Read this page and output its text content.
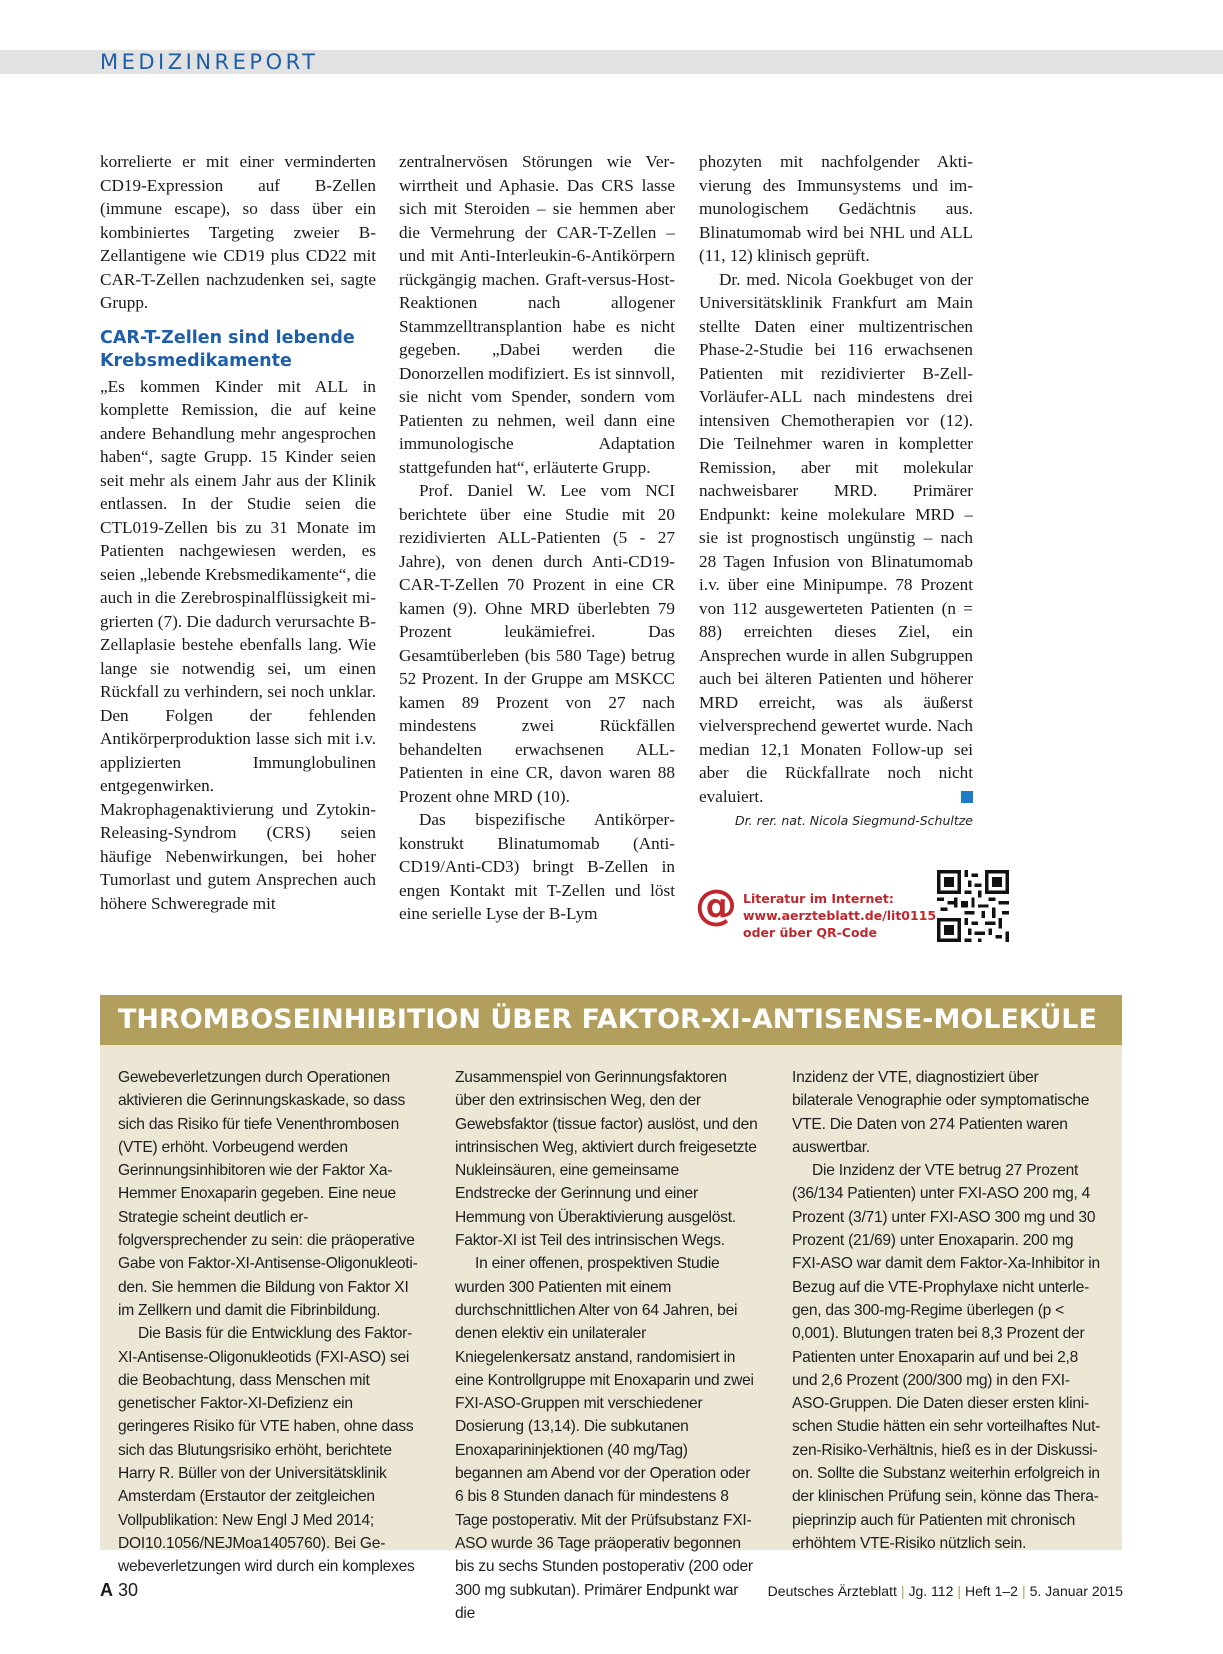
MEDIZINREPORT

korrelierte er mit einer verminderten CD19-Expression auf B-Zellen (immune escape), so dass über ein kombiniertes Targeting zweier B-Zellantigene wie CD19 plus CD22 mit CAR-T-Zellen nachzudenken sei, sagte Grupp.

CAR-T-Zellen sind lebende Krebsmedikamente

„Es kommen Kinder mit ALL in komplette Remission, die auf keine andere Behandlung mehr angesprochen haben“, sagte Grupp. 15 Kinder seien seit mehr als einem Jahr aus der Klinik entlassen. In der Studie seien die CTL019-Zellen bis zu 31 Monate im Patienten nachgewiesen werden, es seien „lebende Krebsmedikamente“, die auch in die Zerebrospinalflüssigkeit migrierten (7). Die dadurch verursachte B-Zellaplasie bestehe ebenfalls lang. Wie lange sie notwendig sei, um einen Rückfall zu verhindern, sei noch unklar. Den Folgen der fehlenden Antikörperproduktion lasse sich mit i.v. applizierten Immunglobulinen entgegenwirken. Makrophagenaktivierung und Zytokin-Releasing-Syndrom (CRS) seien häufige Nebenwirkungen, bei hoher Tumorlast und gutem Ansprechen auch höhere Schweregrade mit

zentralnervösen Störungen wie Verwirrtheit und Aphasie. Das CRS lasse sich mit Steroiden – sie hemmen aber die Vermehrung der CAR-T-Zellen – und mit Anti-Interleukin-6-Antikörpern rückgängig machen. Graft-versus-Host-Reaktionen nach allogener Stammzelltransplantion habe es nicht gegeben. „Dabei werden die Donorzellen modifiziert. Es ist sinnvoll, sie nicht vom Spender, sondern vom Patienten zu nehmen, weil dann eine immunologische Adaptation stattgefunden hat“, erläuterte Grupp.

Prof. Daniel W. Lee vom NCI berichtete über eine Studie mit 20 rezidivierten ALL-Patienten (5 - 27 Jahre), von denen durch Anti-CD19-CAR-T-Zellen 70 Prozent in eine CR kamen (9). Ohne MRD überlebten 79 Prozent leukämiefrei. Das Gesamtüberleben (bis 580 Tage) betrug 52 Prozent. In der Gruppe am MSKCC kamen 89 Prozent von 27 nach mindestens zwei Rückfällen behandelten erwachsenen ALL-Patienten in eine CR, davon waren 88 Prozent ohne MRD (10).

Das bispezifische Antikörperkonstrukt Blinatumomab (Anti-CD19/Anti-CD3) bringt B-Zellen in engen Kontakt mit T-Zellen und löst eine serielle Lyse der B-Lym

phozyten mit nachfolgender Aktivierung des Immunsystems und immunologischem Gedächtnis aus. Blinatumomab wird bei NHL und ALL (11, 12) klinisch geprüft.

Dr. med. Nicola Goekbuget von der Universitätsklinik Frankfurt am Main stellte Daten einer multizentrischen Phase-2-Studie bei 116 erwachsenen Patienten mit rezidivierter B-Zell-Vorläufer-ALL nach mindestens drei intensiven Chemotherapien vor (12). Die Teilnehmer waren in kompletter Remission, aber mit molekular nachweisbarer MRD. Primärer Endpunkt: keine molekulare MRD – sie ist prognostisch ungünstig – nach 28 Tagen Infusion von Blinatumomab i.v. über eine Minipumpe. 78 Prozent von 112 ausgewerteten Patienten (n = 88) erreichten dieses Ziel, ein Ansprechen wurde in allen Subgruppen auch bei älteren Patienten und höherer MRD erreicht, was als äußerst vielversprechend gewertet wurde. Nach median 12,1 Monaten Follow-up sei aber die Rückfallrate noch nicht evaluiert.

Dr. rer. nat. Nicola Siegmund-Schultze
@ Literatur im Internet:
www.aerzteblatt.de/lit0115
oder über QR-Code
THROMBOSEINHIBITION ÜBER FAKTOR-XI-ANTISENSE-MOLEKÜLE

Gewebeverletzungen durch Operationen aktivieren die Gerinnungskaskade, so dass sich das Risiko für tiefe Venenthrombosen (VTE) erhöht. Vorbeugend werden Gerinnungsinhibitoren wie der Faktor Xa-Hemmer Enoxaparin gegeben. Eine neue Strategie scheint deutlich erfolgversprechender zu sein: die präoperative Gabe von Faktor-XI-Antisense-Oligonukleotiden. Sie hemmen die Bildung von Faktor XI im Zellkern und damit die Fibrinbildung.

Die Basis für die Entwicklung des Faktor-XI-Antisense-Oligonukleotids (FXI-ASO) sei die Beobachtung, dass Menschen mit genetischer Faktor-XI-Defizienz ein geringeres Risiko für VTE haben, ohne dass sich das Blutungsrisiko erhöht, berichtete Harry R. Büller von der Universitätsklinik Amsterdam (Erstautor der zeitgleichen Vollpublikation: New Engl J Med 2014; DOI10.1056/NEJMoa1405760). Bei Gewebeverletzungen wird durch ein komplexes

Zusammenspiel von Gerinnungsfaktoren über den extrinsischen Weg, den der Gewebsfaktor (tissue factor) auslöst, und den intrinsischen Weg, aktiviert durch freigesetzte Nukleinsäuren, eine gemeinsame Endstrecke der Gerinnung und einer Hemmung von Überaktivierung ausgelöst. Faktor-XI ist Teil des intrinsischen Wegs.

In einer offenen, prospektiven Studie wurden 300 Patienten mit einem durchschnittlichen Alter von 64 Jahren, bei denen elektiv ein unilateraler Kniegelenkersatz anstand, randomisiert in eine Kontrollgruppe mit Enoxaparin und zwei FXI-ASO-Gruppen mit verschiedener Dosierung (13,14). Die subkutanen Enoxaparininjektionen (40 mg/Tag) begannen am Abend vor der Operation oder 6 bis 8 Stunden danach für mindestens 8 Tage postoperativ. Mit der Prüfsubstanz FXI-ASO wurde 36 Tage präoperativ begonnen bis zu sechs Stunden postoperativ (200 oder 300 mg subkutan). Primärer Endpunkt war die

Inzidenz der VTE, diagnostiziert über bilaterale Venographie oder symptomatische VTE. Die Daten von 274 Patienten waren auswertbar.

Die Inzidenz der VTE betrug 27 Prozent (36/134 Patienten) unter FXI-ASO 200 mg, 4 Prozent (3/71) unter FXI-ASO 300 mg und 30 Prozent (21/69) unter Enoxaparin. 200 mg FXI-ASO war damit dem Faktor-Xa-Inhibitor in Bezug auf die VTE-Prophylaxe nicht unterlegen, das 300-mg-Regime überlegen (p < 0,001). Blutungen traten bei 8,3 Prozent der Patienten unter Enoxaparin auf und bei 2,8 und 2,6 Prozent (200/300 mg) in den FXI-ASO-Gruppen. Die Daten dieser ersten klinischen Studie hätten ein sehr vorteilhaftes Nutzen-Risiko-Verhältnis, hieß es in der Diskussion. Sollte die Substanz weiterhin erfolgreich in der klinischen Prüfung sein, könne das Therapieprinzip auch für Patienten mit chronisch erhöhtem VTE-Risiko nützlich sein.

A 30	Deutsches Ärzteblatt | Jg. 112 | Heft 1–2 | 5. Januar 2015
